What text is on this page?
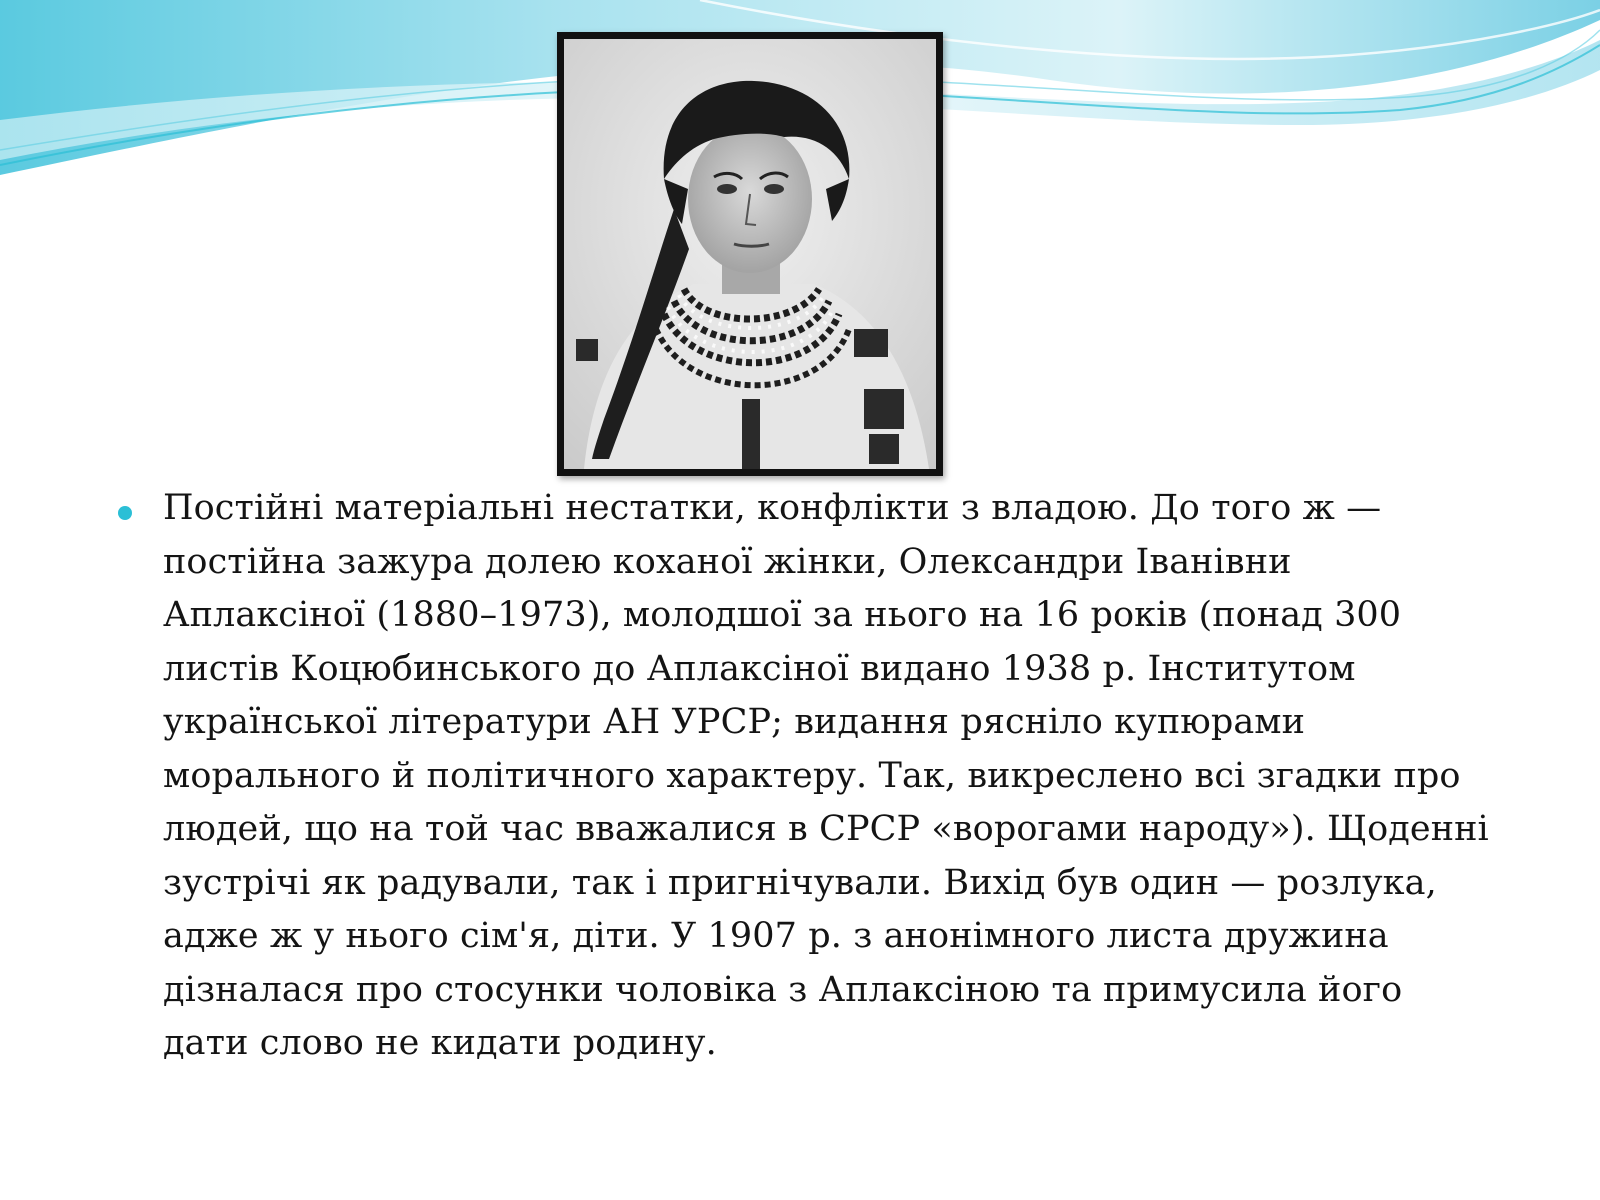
Постійні матеріальні нестатки, конфлікти з владою. До того ж — постійна зажура долею коханої жінки, Олександри Іванівни Аплаксіної (1880–1973), молодшої за нього на 16 років (понад 300 листів Коцюбинського до Аплаксіної видано 1938 р. Інститутом української літератури АН УРСР; видання рясніло купюрами морального й політичного характеру. Так, викреслено всі згадки про людей, що на той час вважалися в СРСР «ворогами народу»). Щоденні зустрічі як радували, так і пригнічували. Вихід був один — розлука, адже ж у нього сім'я, діти. У 1907 р. з анонімного листа дружина дізналася про стосунки чоловіка з Аплаксіною та примусила його дати слово не кидати родину.
